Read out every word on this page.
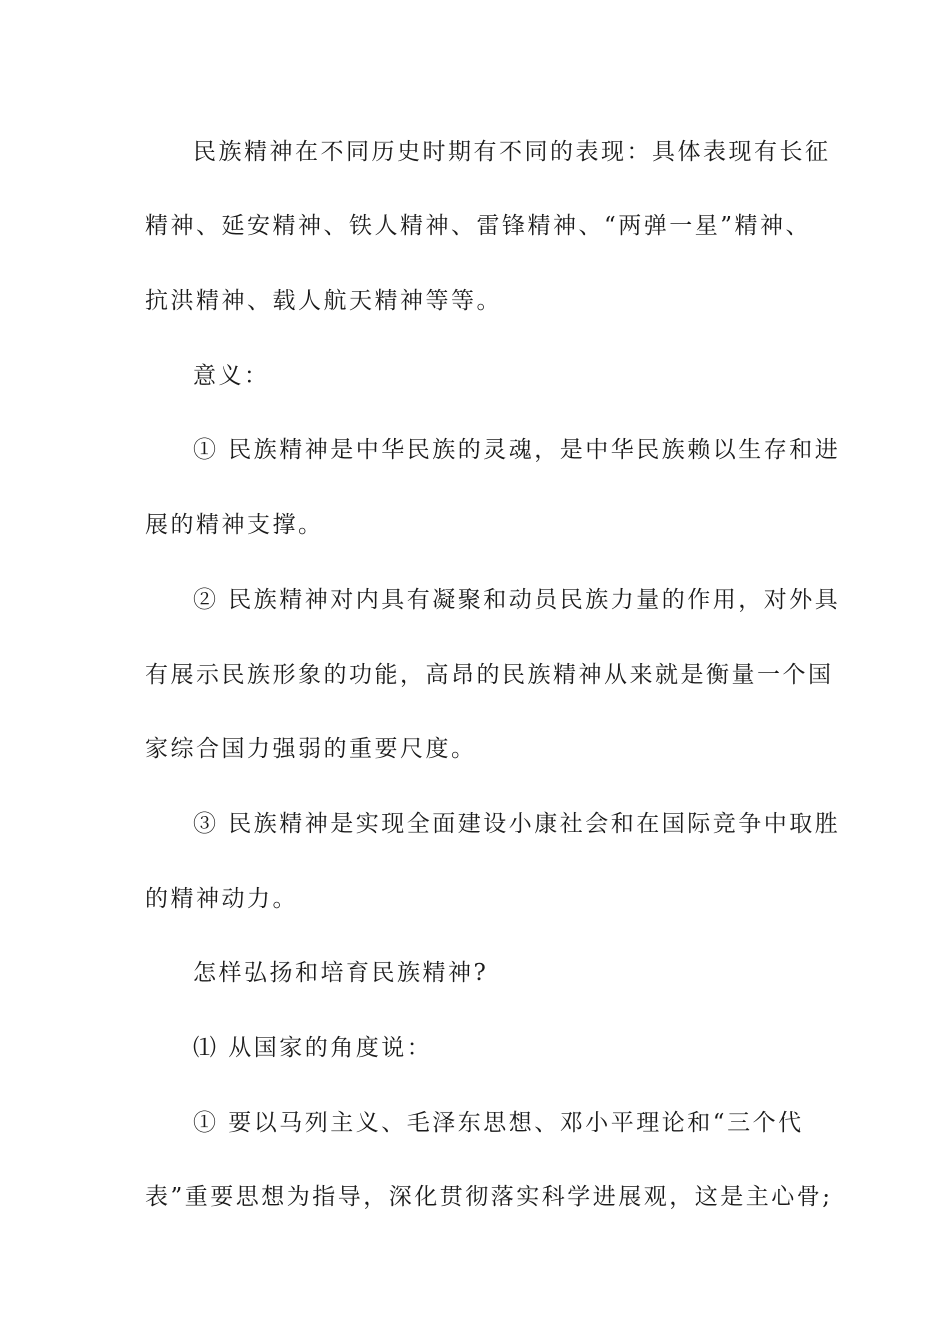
民族精神在不同历史时期有不同的表现：具体表现有长征
精神、延安精神、铁人精神、雷锋精神、“两弹一星”精神、
抗洪精神、载人航天精神等等。
意义：
① 民族精神是中华民族的灵魂，是中华民族赖以生存和进
展的精神支撑。
② 民族精神对内具有凝聚和动员民族力量的作用，对外具
有展示民族形象的功能，高昂的民族精神从来就是衡量一个国
家综合国力强弱的重要尺度。
③ 民族精神是实现全面建设小康社会和在国际竞争中取胜
的精神动力。
怎样弘扬和培育民族精神?
⑴ 从国家的角度说：
① 要以马列主义、毛泽东思想、邓小平理论和“三个代
表”重要思想为指导，深化贯彻落实科学进展观，这是主心骨;
